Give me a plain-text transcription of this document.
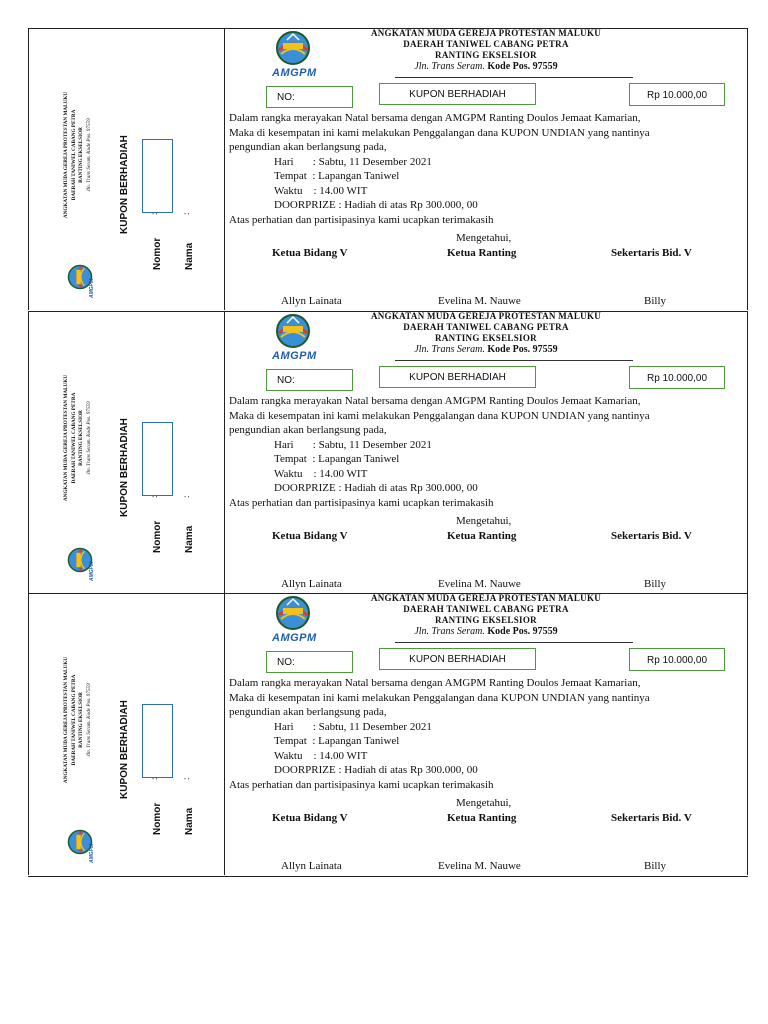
AMGPM
ANGKATAN MUDA GEREJA PROTESTAN MALUKU DAERAH TANIWEL CABANG PETRA RANTING EKSELSIOR Jln. Trans Seram. Kode Pos. 97559	KUPON BERHADIAH
Nomor
:
Nama
:
AMGPM
ANGKATAN MUDA GEREJA PROTESTAN MALUKU
DAERAH TANIWEL CABANG PETRA
RANTING EKSELSIOR
Jln. Trans Seram. Kode Pos. 97559
NO:	KUPON BERHADIAH	Rp 10.000,00
Dalam rangka merayakan Natal bersama dengan AMGPM Ranting Doulos Jemaat Kamarian,
Maka di kesempatan ini kami melakukan Penggalangan dana KUPON UNDIAN yang nantinya
pengundian akan berlangsung pada,
Hari       : Sabtu, 11 Desember 2021
Tempat  : Lapangan Taniwel
Waktu    : 14.00 WIT
DOORPRIZE : Hadiah di atas Rp 300.000, 00
Atas perhatian dan partisipasinya kami ucapkan terimakasih
Mengetahui,
Ketua Bidang V	Ketua Ranting	Sekertaris Bid. V
Allyn Lainata	Evelina M. Nauwe	Billy
AMGPM
ANGKATAN MUDA GEREJA PROTESTAN MALUKU DAERAH TANIWEL CABANG PETRA RANTING EKSELSIOR Jln. Trans Seram. Kode Pos. 97559	KUPON BERHADIAH
Nomor
:
Nama
:
AMGPM
ANGKATAN MUDA GEREJA PROTESTAN MALUKU
DAERAH TANIWEL CABANG PETRA
RANTING EKSELSIOR
Jln. Trans Seram. Kode Pos. 97559
NO:	KUPON BERHADIAH	Rp 10.000,00
Dalam rangka merayakan Natal bersama dengan AMGPM Ranting Doulos Jemaat Kamarian,
Maka di kesempatan ini kami melakukan Penggalangan dana KUPON UNDIAN yang nantinya
pengundian akan berlangsung pada,
Hari       : Sabtu, 11 Desember 2021
Tempat  : Lapangan Taniwel
Waktu    : 14.00 WIT
DOORPRIZE : Hadiah di atas Rp 300.000, 00
Atas perhatian dan partisipasinya kami ucapkan terimakasih
Mengetahui,
Ketua Bidang V	Ketua Ranting	Sekertaris Bid. V
Allyn Lainata	Evelina M. Nauwe	Billy
AMGPM
ANGKATAN MUDA GEREJA PROTESTAN MALUKU DAERAH TANIWEL CABANG PETRA RANTING EKSELSIOR Jln. Trans Seram. Kode Pos. 97559	KUPON BERHADIAH
Nomor
:
Nama
:
AMGPM
ANGKATAN MUDA GEREJA PROTESTAN MALUKU
DAERAH TANIWEL CABANG PETRA
RANTING EKSELSIOR
Jln. Trans Seram. Kode Pos. 97559
NO:	KUPON BERHADIAH	Rp 10.000,00
Dalam rangka merayakan Natal bersama dengan AMGPM Ranting Doulos Jemaat Kamarian,
Maka di kesempatan ini kami melakukan Penggalangan dana KUPON UNDIAN yang nantinya
pengundian akan berlangsung pada,
Hari       : Sabtu, 11 Desember 2021
Tempat  : Lapangan Taniwel
Waktu    : 14.00 WIT
DOORPRIZE : Hadiah di atas Rp 300.000, 00
Atas perhatian dan partisipasinya kami ucapkan terimakasih
Mengetahui,
Ketua Bidang V	Ketua Ranting	Sekertaris Bid. V
Allyn Lainata	Evelina M. Nauwe	Billy
